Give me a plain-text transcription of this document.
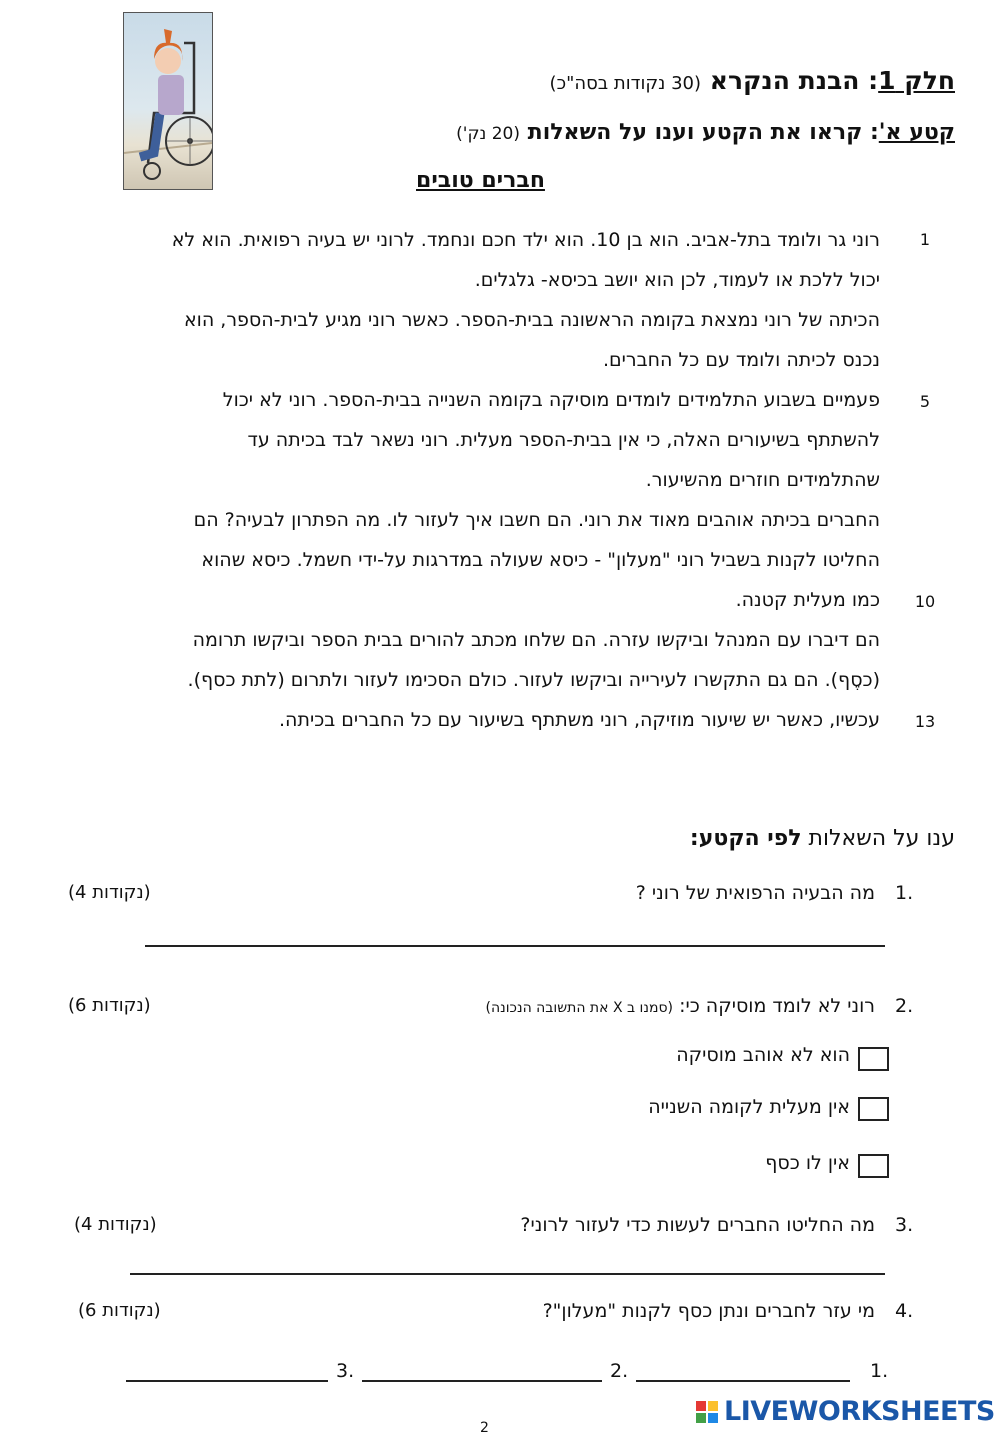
חלק 1: הבנת הנקרא (30 נקודות בסה"כ)
קטע א': קראו את הקטע וענו על השאלות (20 נק')
חברים טובים
1
5
10
13
רוני גר ולומד בתל-אביב. הוא בן 10. הוא ילד חכם ונחמד. לרוני יש בעיה רפואית. הוא לא
יכול ללכת או לעמוד, לכן הוא יושב בכיסא- גלגלים.
הכיתה של רוני נמצאת בקומה הראשונה בבית-הספר. כאשר רוני מגיע לבית-הספר, הוא
נכנס לכיתה ולומד עם כל החברים.
פעמיים בשבוע התלמידים לומדים מוסיקה בקומה השנייה בבית-הספר. רוני לא יכול
להשתתף בשיעורים האלה, כי אין בבית-הספר מעלית. רוני נשאר לבד בכיתה עד
שהתלמידים חוזרים מהשיעור.
החברים בכיתה אוהבים מאוד את רוני. הם חשבו איך לעזור לו. מה הפתרון לבעיה? הם
החליטו לקנות בשביל רוני "מעלון" - כיסא שעולה במדרגות על-ידי חשמל. כיסא שהוא
כמו מעלית קטנה.
הם דיברו עם המנהל וביקשו עזרה. הם שלחו מכתב להורים בבית הספר וביקשו תרומה
(כסֶף). הם גם התקשרו לעירייה וביקשו לעזור. כולם הסכימו לעזור ולתרום (לתת כסף).
עכשיו, כאשר יש שיעור מוזיקה, רוני משתתף בשיעור עם כל החברים בכיתה.
ענו על השאלות לפי הקטע:
1.
מה הבעיה הרפואית של רוני ?
(4 נקודות)
2.
רוני לא לומד מוסיקה כי: (סמנו ב X את התשובה הנכונה)
(6 נקודות)
הוא לא אוהב מוסיקה
אין מעלית לקומה השנייה
אין לו כסף
3.
מה החליטו החברים לעשות כדי לעזור לרוני?
(4 נקודות)
4.
מי עזר לחברים ונתן כסף לקנות "מעלון"?
(6 נקודות)
1.
2.
3.
LIVEWORKSHEETS
2
